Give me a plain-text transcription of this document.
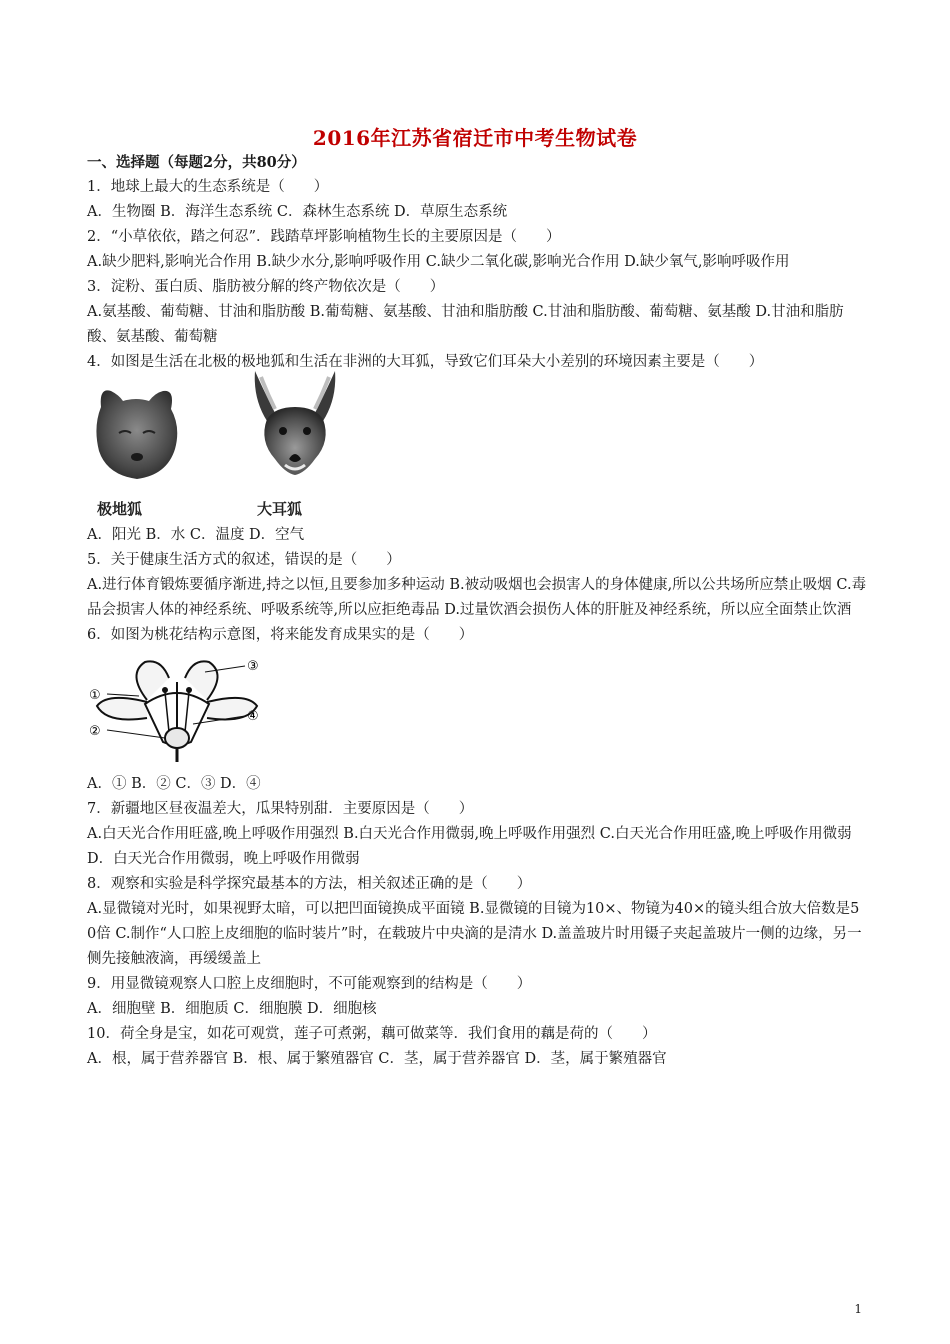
2016年江苏省宿迁市中考生物试卷
一、选择题（每题2分，共80分）
1．地球上最大的生态系统是（　　）
A．生物圈 B．海洋生态系统 C．森林生态系统 D．草原生态系统
2．“小草依依，踏之何忍”．践踏草坪影响植物生长的主要原因是（　　）
A.缺少肥料,影响光合作用 B.缺少水分,影响呼吸作用 C.缺少二氧化碳,影响光合作用 D.缺少氧气,影响呼吸作用
3．淀粉、蛋白质、脂肪被分解的终产物依次是（　　）
A.氨基酸、葡萄糖、甘油和脂肪酸 B.葡萄糖、氨基酸、甘油和脂肪酸 C.甘油和脂肪酸、葡萄糖、氨基酸 D.甘油和脂肪酸、氨基酸、葡萄糖
4．如图是生活在北极的极地狐和生活在非洲的大耳狐，导致它们耳朵大小差别的环境因素主要是（　　）
极地狐	大耳狐
A．阳光 B．水 C．温度 D．空气
5．关于健康生活方式的叙述，错误的是（　　）
A.进行体育锻炼要循序渐进,持之以恒,且要参加多种运动 B.被动吸烟也会损害人的身体健康,所以公共场所应禁止吸烟 C.毒品会损害人体的神经系统、呼吸系统等,所以应拒绝毒品 D.过量饮酒会损伤人体的肝脏及神经系统，所以应全面禁止饮酒
6．如图为桃花结构示意图，将来能发育成果实的是（　　）
①
②
③
④
A．① B．② C．③ D．④
7．新疆地区昼夜温差大，瓜果特别甜．主要原因是（　　）
A.白天光合作用旺盛,晚上呼吸作用强烈 B.白天光合作用微弱,晚上呼吸作用强烈 C.白天光合作用旺盛,晚上呼吸作用微弱 D．白天光合作用微弱，晚上呼吸作用微弱
8．观察和实验是科学探究最基本的方法，相关叙述正确的是（　　）
A.显微镜对光时，如果视野太暗，可以把凹面镜换成平面镜 B.显微镜的目镜为10×、物镜为40×的镜头组合放大倍数是50倍 C.制作“人口腔上皮细胞的临时装片”时，在载玻片中央滴的是清水 D.盖盖玻片时用镊子夹起盖玻片一侧的边缘，另一侧先接触液滴，再缓缓盖上
9．用显微镜观察人口腔上皮细胞时，不可能观察到的结构是（　　）
A．细胞壁 B．细胞质 C．细胞膜 D．细胞核
10．荷全身是宝，如花可观赏，莲子可煮粥，藕可做菜等．我们食用的藕是荷的（　　）
A．根，属于营养器官 B．根、属于繁殖器官 C．茎，属于营养器官 D．茎，属于繁殖器官
1
